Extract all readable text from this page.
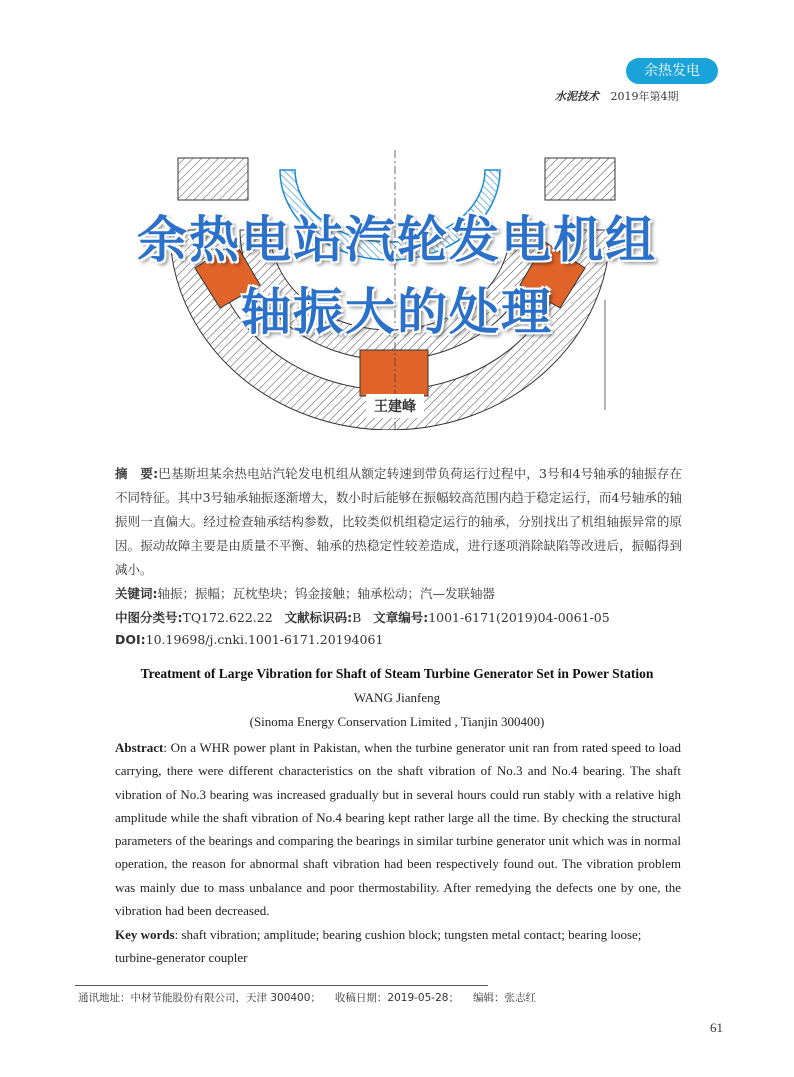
余热发电
水泥技术 2019年第4期
余热电站汽轮发电机组
轴振大的处理
王建峰
摘　要:巴基斯坦某余热电站汽轮发电机组从额定转速到带负荷运行过程中，3号和4号轴承的轴振存在不同特征。其中3号轴承轴振逐渐增大，数小时后能够在振幅较高范围内趋于稳定运行，而4号轴承的轴振则一直偏大。经过检查轴承结构参数，比较类似机组稳定运行的轴承，分别找出了机组轴振异常的原因。振动故障主要是由质量不平衡、轴承的热稳定性较差造成，进行逐项消除缺陷等改进后，振幅得到减小。
关键词:轴振；振幅；瓦枕垫块；钨金接触；轴承松动；汽—发联轴器
中图分类号:TQ172.622.22 文献标识码:B 文章编号:1001-6171(2019)04-0061-05
DOI:10.19698/j.cnki.1001-6171.20194061
Treatment of Large Vibration for Shaft of Steam Turbine Generator Set in Power Station
WANG Jianfeng
(Sinoma Energy Conservation Limited , Tianjin 300400)
Abstract: On a WHR power plant in Pakistan, when the turbine generator unit ran from rated speed to load carrying, there were different characteristics on the shaft vibration of No.3 and No.4 bearing. The shaft vibration of No.3 bearing was increased gradually but in several hours could run stably with a relative high amplitude while the shaft vibration of No.4 bearing kept rather large all the time. By checking the structural parameters of the bearings and comparing the bearings in similar turbine generator unit which was in normal operation, the reason for abnormal shaft vibration had been respectively found out. The vibration problem was mainly due to mass unbalance and poor thermostability. After remedying the defects one by one, the vibration had been decreased.
Key words: shaft vibration; amplitude; bearing cushion block; tungsten metal contact; bearing loose; turbine-generator coupler
通讯地址：中材节能股份有限公司，天津 300400； 收稿日期：2019-05-28； 编辑：张志红
61
